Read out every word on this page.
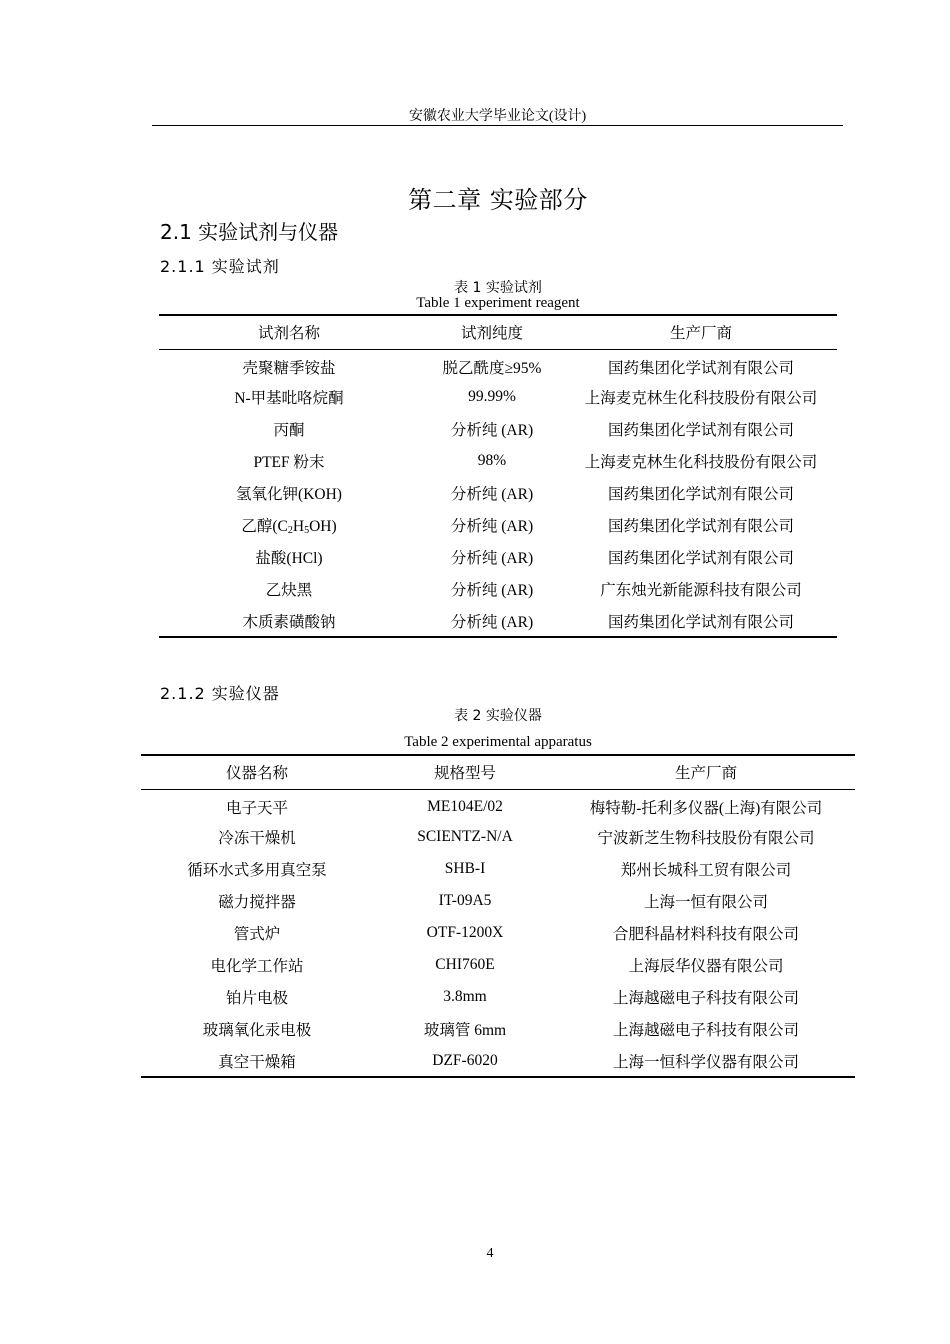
安徽农业大学毕业论文(设计)
第二章 实验部分
2.1 实验试剂与仪器
2.1.1 实验试剂
表 1 实验试剂
Table 1 experiment reagent
试剂名称	试剂纯度	生产厂商
壳聚糖季铵盐	脱乙酰度≥95%	国药集团化学试剂有限公司
N-甲基吡咯烷酮	99.99%	上海麦克林生化科技股份有限公司
丙酮	分析纯 (AR)	国药集团化学试剂有限公司
PTEF 粉末	98%	上海麦克林生化科技股份有限公司
氢氧化钾(KOH)	分析纯 (AR)	国药集团化学试剂有限公司
乙醇$(C_2H_5OH)$	分析纯 (AR)	国药集团化学试剂有限公司
盐酸(HCl)	分析纯 (AR)	国药集团化学试剂有限公司
乙炔黑	分析纯 (AR)	广东烛光新能源科技有限公司
木质素磺酸钠	分析纯 (AR)	国药集团化学试剂有限公司
2.1.2 实验仪器
表 2 实验仪器
Table 2 experimental apparatus
仪器名称	规格型号	生产厂商
电子天平	ME104E/02	梅特勒-托利多仪器(上海)有限公司
冷冻干燥机	SCIENTZ-N/A	宁波新芝生物科技股份有限公司
循环水式多用真空泵	SHB-I	郑州长城科工贸有限公司
磁力搅拌器	IT-09A5	上海一恒有限公司
管式炉	OTF-1200X	合肥科晶材料科技有限公司
电化学工作站	CHI760E	上海辰华仪器有限公司
铂片电极	3.8mm	上海越磁电子科技有限公司
玻璃氧化汞电极	玻璃管 6mm	上海越磁电子科技有限公司
真空干燥箱	DZF-6020	上海一恒科学仪器有限公司
4
